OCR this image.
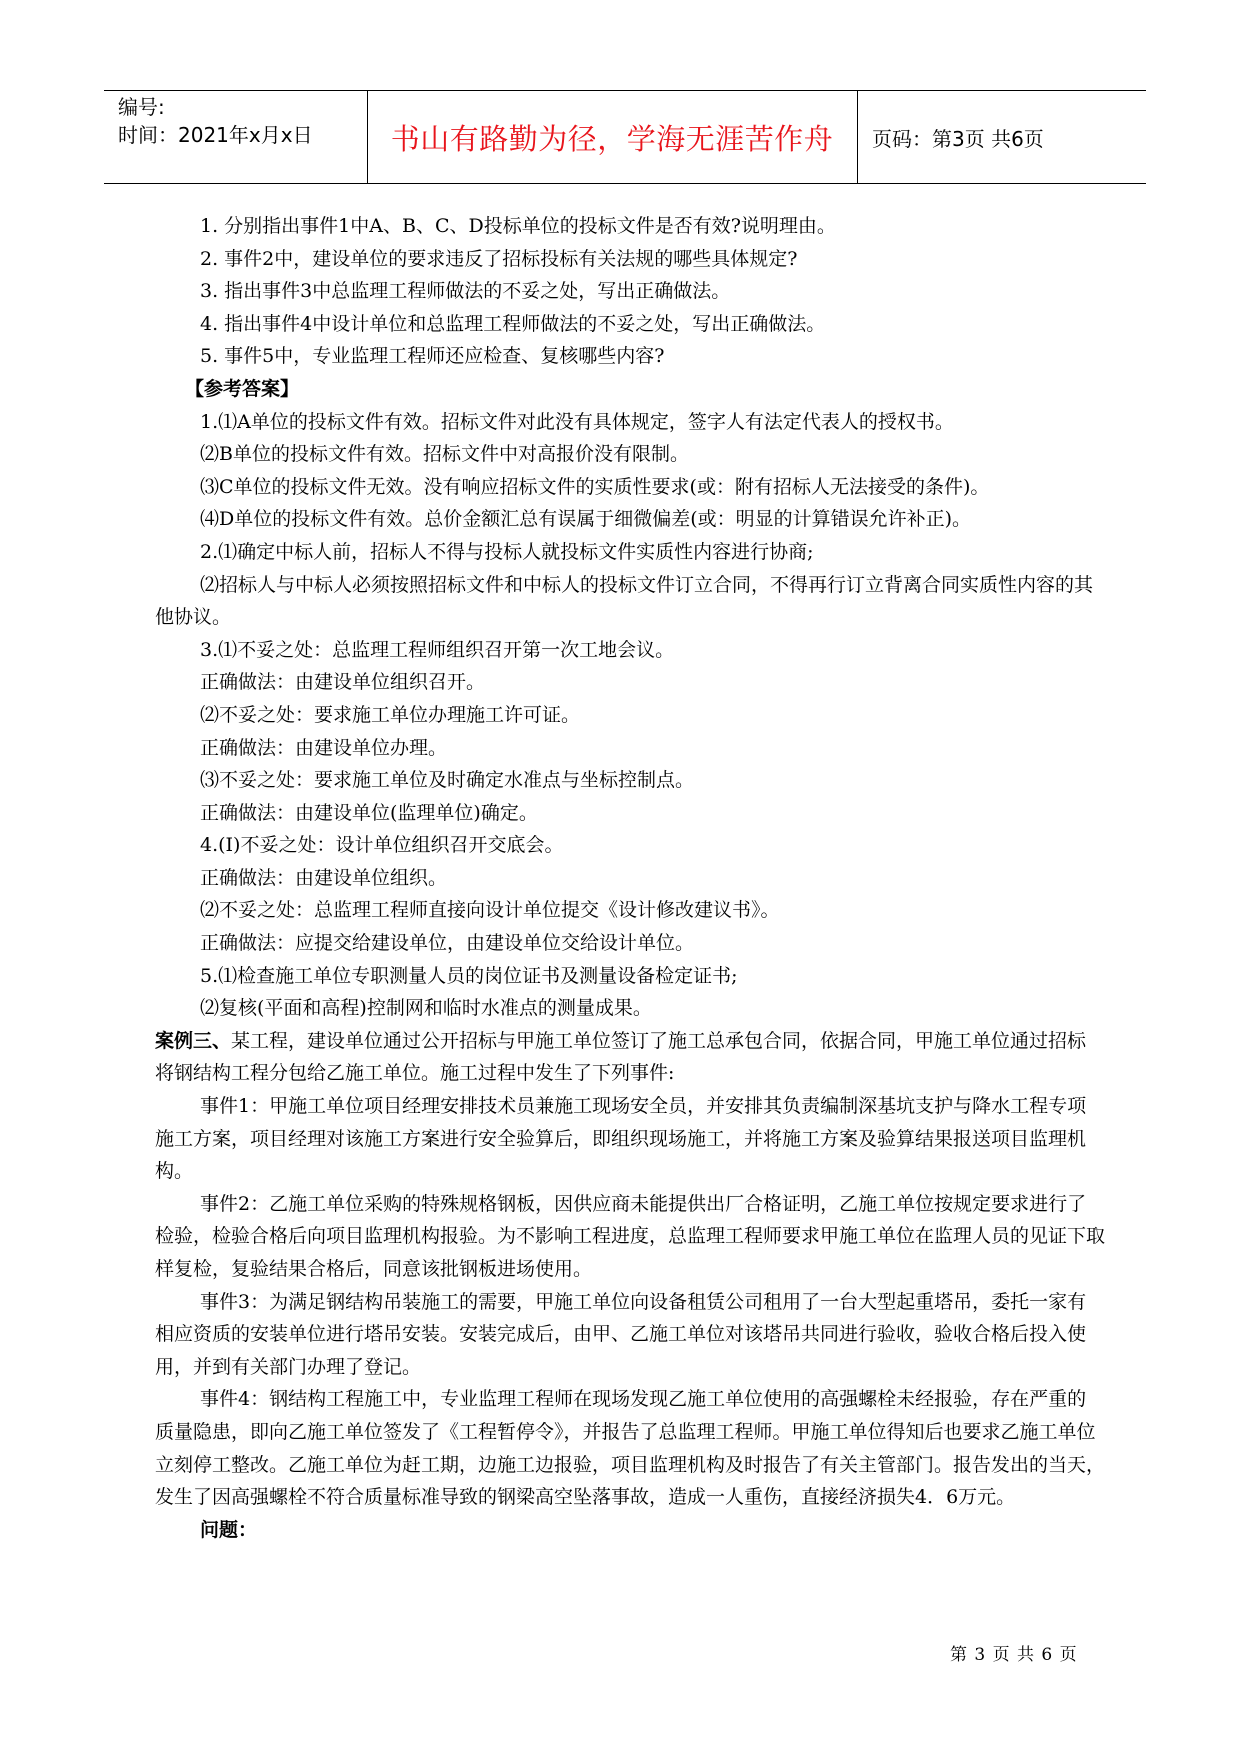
编号:
时间：2021年x月x日	书山有路勤为径，学海无涯苦作舟	页码：第3页 共6页

1. 分别指出事件1中A、B、C、D投标单位的投标文件是否有效?说明理由。

2. 事件2中，建设单位的要求违反了招标投标有关法规的哪些具体规定?

3. 指出事件3中总监理工程师做法的不妥之处，写出正确做法。

4. 指出事件4中设计单位和总监理工程师做法的不妥之处，写出正确做法。

5. 事件5中，专业监理工程师还应检查、复核哪些内容?

【参考答案】

1.⑴A单位的投标文件有效。招标文件对此没有具体规定，签字人有法定代表人的授权书。

⑵B单位的投标文件有效。招标文件中对高报价没有限制。

⑶C单位的投标文件无效。没有响应招标文件的实质性要求(或：附有招标人无法接受的条件)。

⑷D单位的投标文件有效。总价金额汇总有误属于细微偏差(或：明显的计算错误允许补正)。

2.⑴确定中标人前，招标人不得与投标人就投标文件实质性内容进行协商;

⑵招标人与中标人必须按照招标文件和中标人的投标文件订立合同，不得再行订立背离合同实质性内容的其他协议。

3.⑴不妥之处：总监理工程师组织召开第一次工地会议。

正确做法：由建设单位组织召开。

⑵不妥之处：要求施工单位办理施工许可证。

正确做法：由建设单位办理。

⑶不妥之处：要求施工单位及时确定水准点与坐标控制点。

正确做法：由建设单位(监理单位)确定。

4.(I)不妥之处：设计单位组织召开交底会。

正确做法：由建设单位组织。

⑵不妥之处：总监理工程师直接向设计单位提交《设计修改建议书》。

正确做法：应提交给建设单位，由建设单位交给设计单位。

5.⑴检查施工单位专职测量人员的岗位证书及测量设备检定证书;

⑵复核(平面和高程)控制网和临时水准点的测量成果。

案例三、某工程，建设单位通过公开招标与甲施工单位签订了施工总承包合同，依据合同，甲施工单位通过招标将钢结构工程分包给乙施工单位。施工过程中发生了下列事件:

事件1：甲施工单位项目经理安排技术员兼施工现场安全员，并安排其负责编制深基坑支护与降水工程专项施工方案，项目经理对该施工方案进行安全验算后，即组织现场施工，并将施工方案及验算结果报送项目监理机构。

事件2：乙施工单位采购的特殊规格钢板，因供应商未能提供出厂合格证明，乙施工单位按规定要求进行了检验，检验合格后向项目监理机构报验。为不影响工程进度，总监理工程师要求甲施工单位在监理人员的见证下取样复检，复验结果合格后，同意该批钢板进场使用。

事件3：为满足钢结构吊装施工的需要，甲施工单位向设备租赁公司租用了一台大型起重塔吊，委托一家有相应资质的安装单位进行塔吊安装。安装完成后，由甲、乙施工单位对该塔吊共同进行验收，验收合格后投入使用，并到有关部门办理了登记。

事件4：钢结构工程施工中，专业监理工程师在现场发现乙施工单位使用的高强螺栓未经报验，存在严重的质量隐患，即向乙施工单位签发了《工程暂停令》，并报告了总监理工程师。甲施工单位得知后也要求乙施工单位立刻停工整改。乙施工单位为赶工期，边施工边报验，项目监理机构及时报告了有关主管部门。报告发出的当天，发生了因高强螺栓不符合质量标准导致的钢梁高空坠落事故，造成一人重伤，直接经济损失4．6万元。

问题：

第 3 页 共 6 页
